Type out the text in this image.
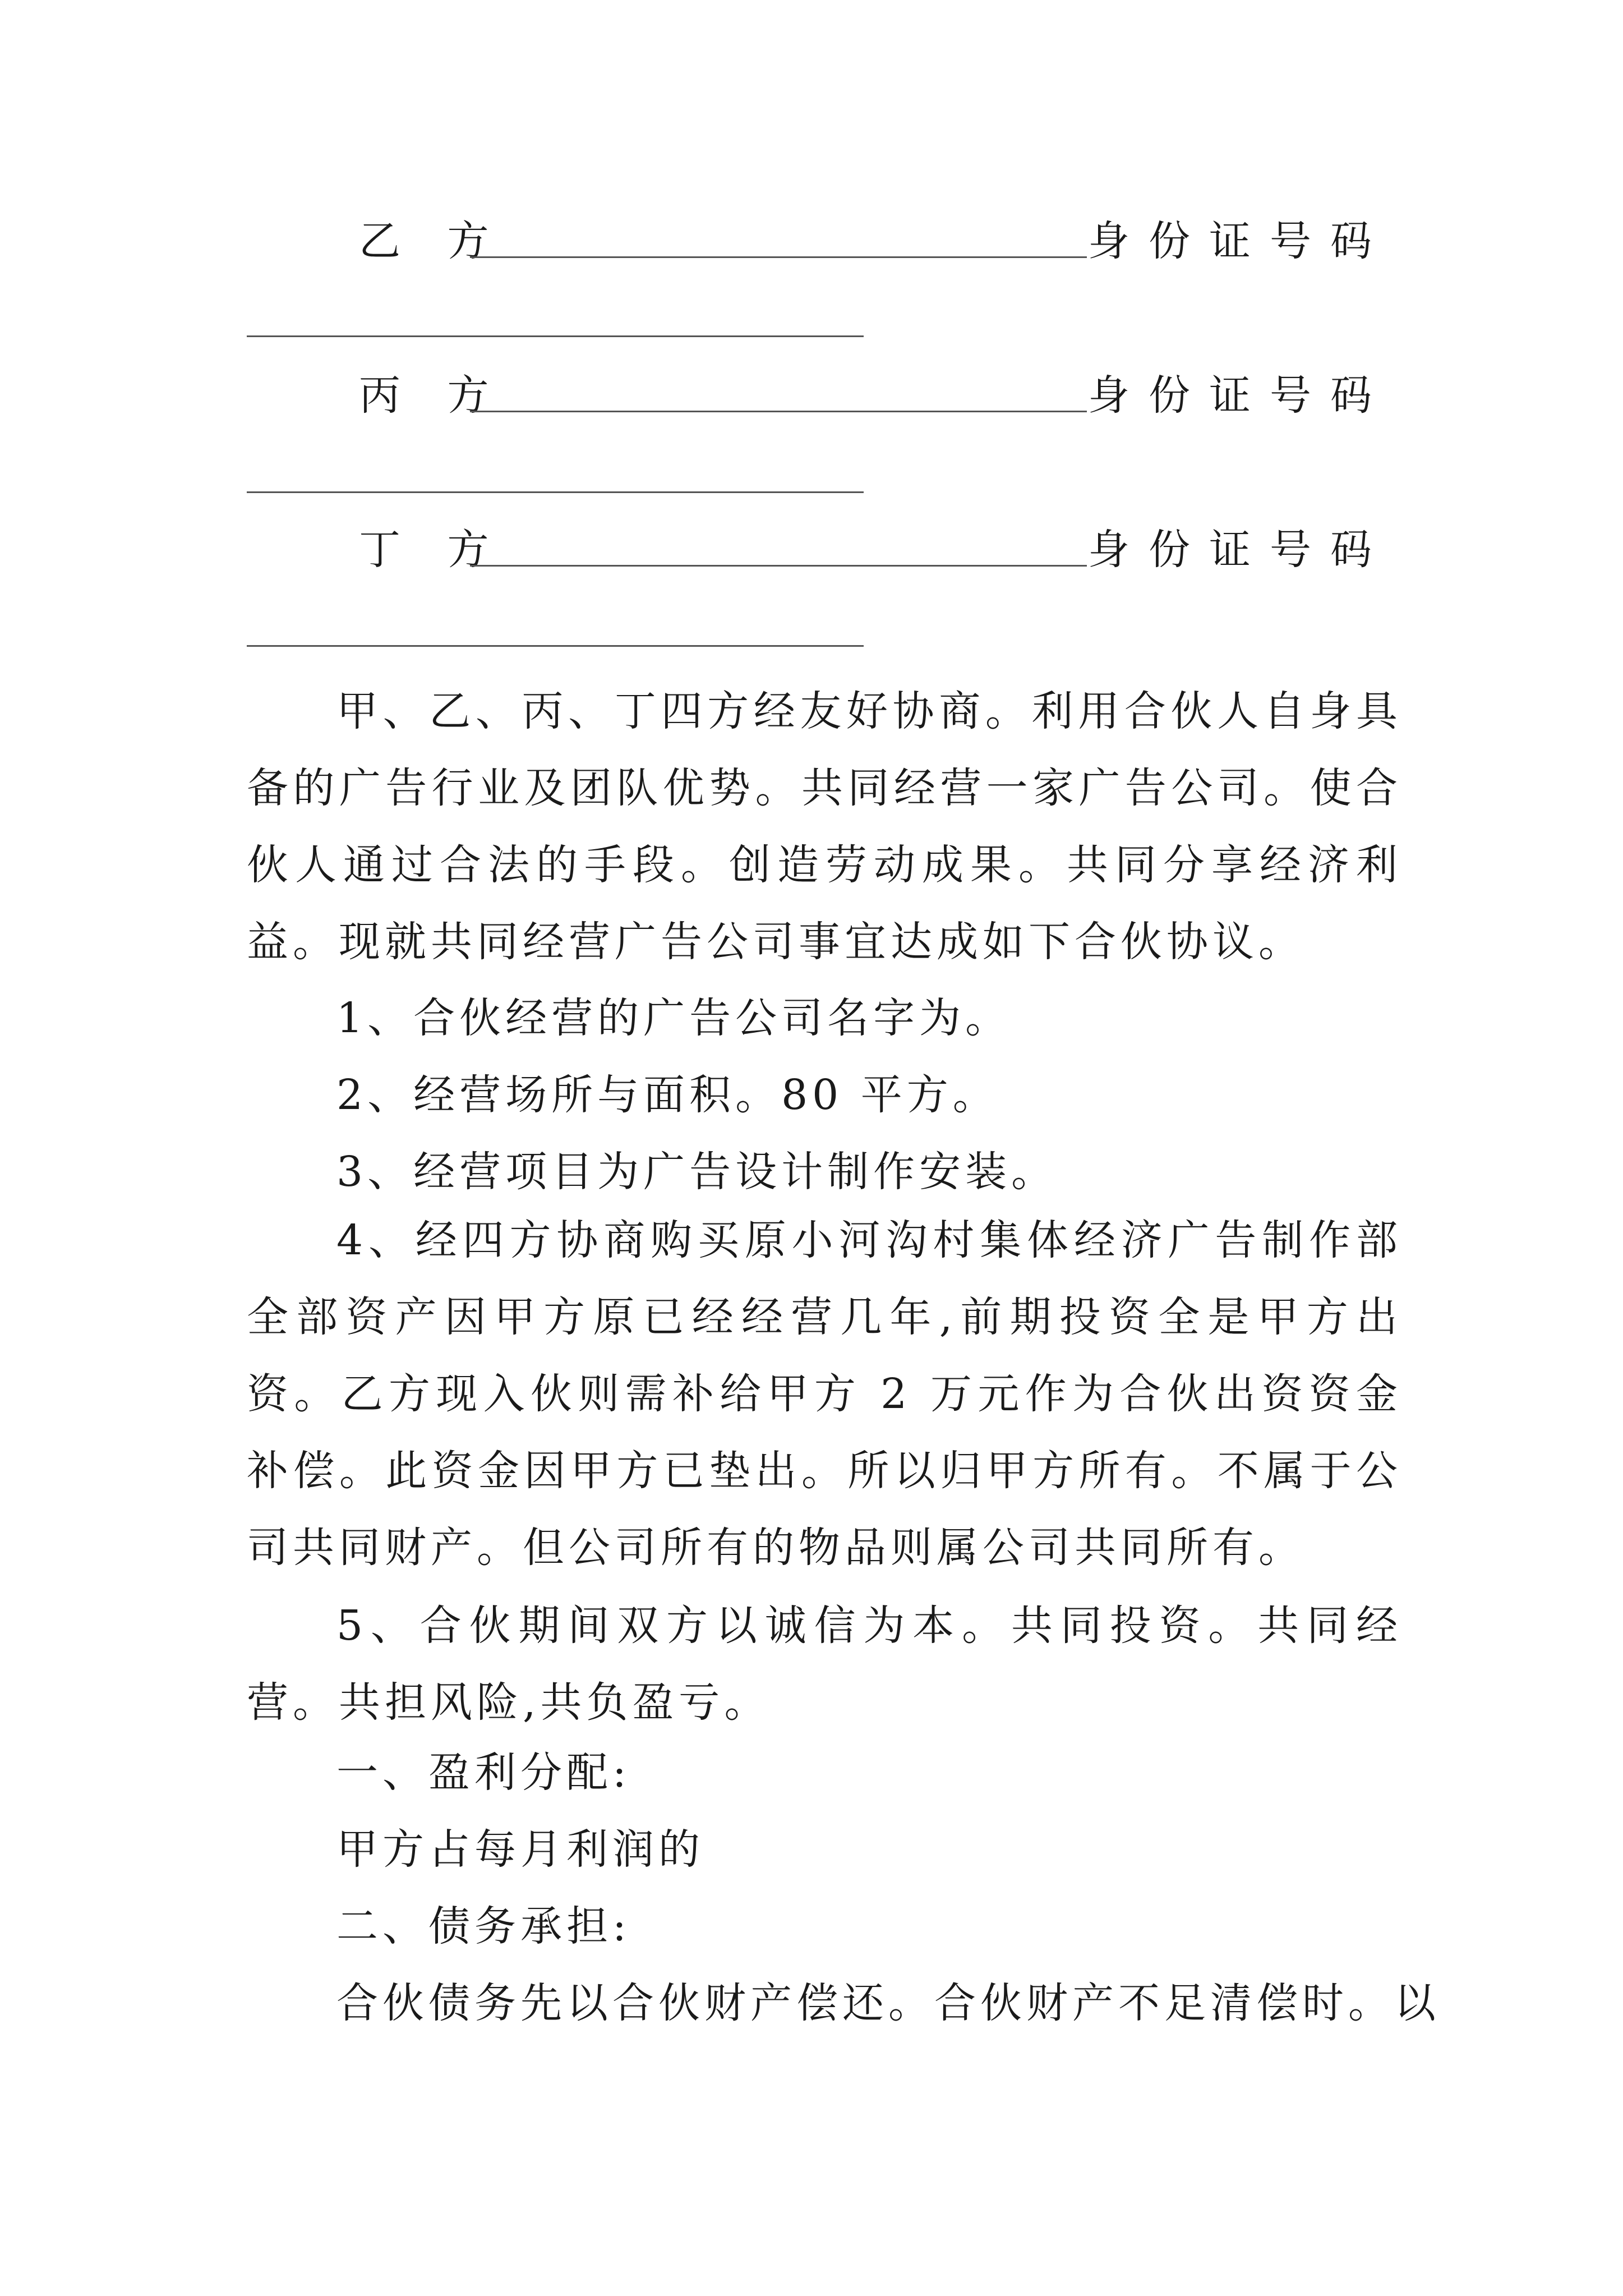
乙 方	身份证号码
丙 方	身份证号码
丁 方	身份证号码

甲、乙、丙、丁四方经友好协商。利用合伙人自身具备的广告行业及团队优势。共同经营一家广告公司。使合伙人通过合法的手段。创造劳动成果。共同分享经济利益。现就共同经营广告公司事宜达成如下合伙协议。

1、合伙经营的广告公司名字为。
2、经营场所与面积。80 平方。
3、经营项目为广告设计制作安装。

4、经四方协商购买原小河沟村集体经济广告制作部全部资产因甲方原已经经营几年,前期投资全是甲方出资。乙方现入伙则需补给甲方 2 万元作为合伙出资资金补偿。此资金因甲方已垫出。所以归甲方所有。不属于公司共同财产。但公司所有的物品则属公司共同所有。

5、合伙期间双方以诚信为本。共同投资。共同经营。共担风险,共负盈亏。

一、盈利分配:
甲方占每月利润的
二、债务承担:
合伙债务先以合伙财产偿还。合伙财产不足清偿时。以
